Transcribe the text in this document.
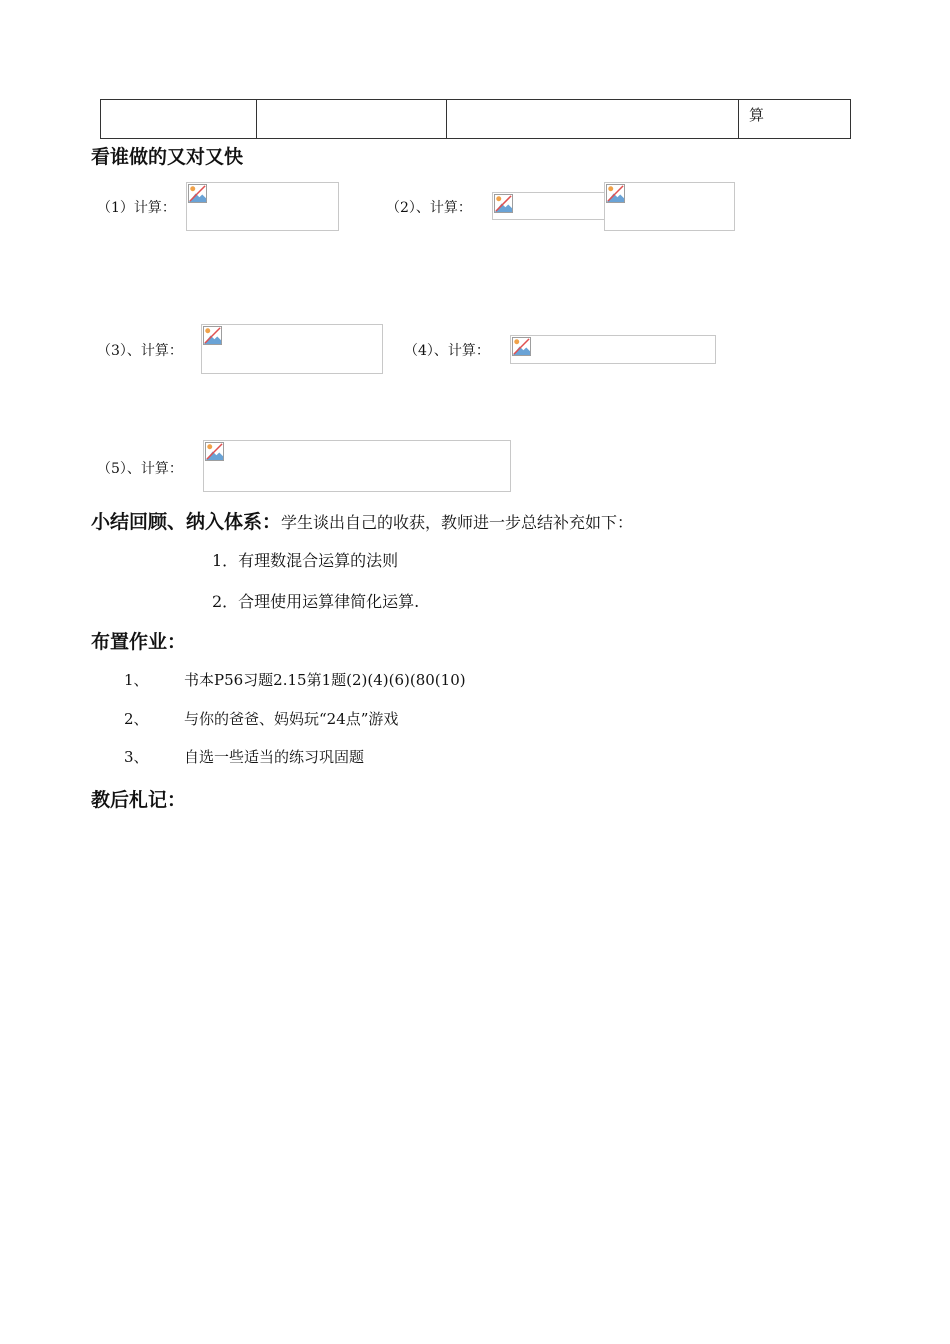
			算
看谁做的又对又快
（1）计算：	（2）、计算：
（3）、计算：	（4）、计算：
（5）、计算：
小结回顾、纳入体系：学生谈出自己的收获，教师进一步总结补充如下：
1．有理数混合运算的法则
2．合理使用运算律简化运算.
布置作业：
1、 书本P56习题2.15第1题(2)(4)(6)(80(10)
2、 与你的爸爸、妈妈玩“24点”游戏
3、 自选一些适当的练习巩固题
教后札记：
